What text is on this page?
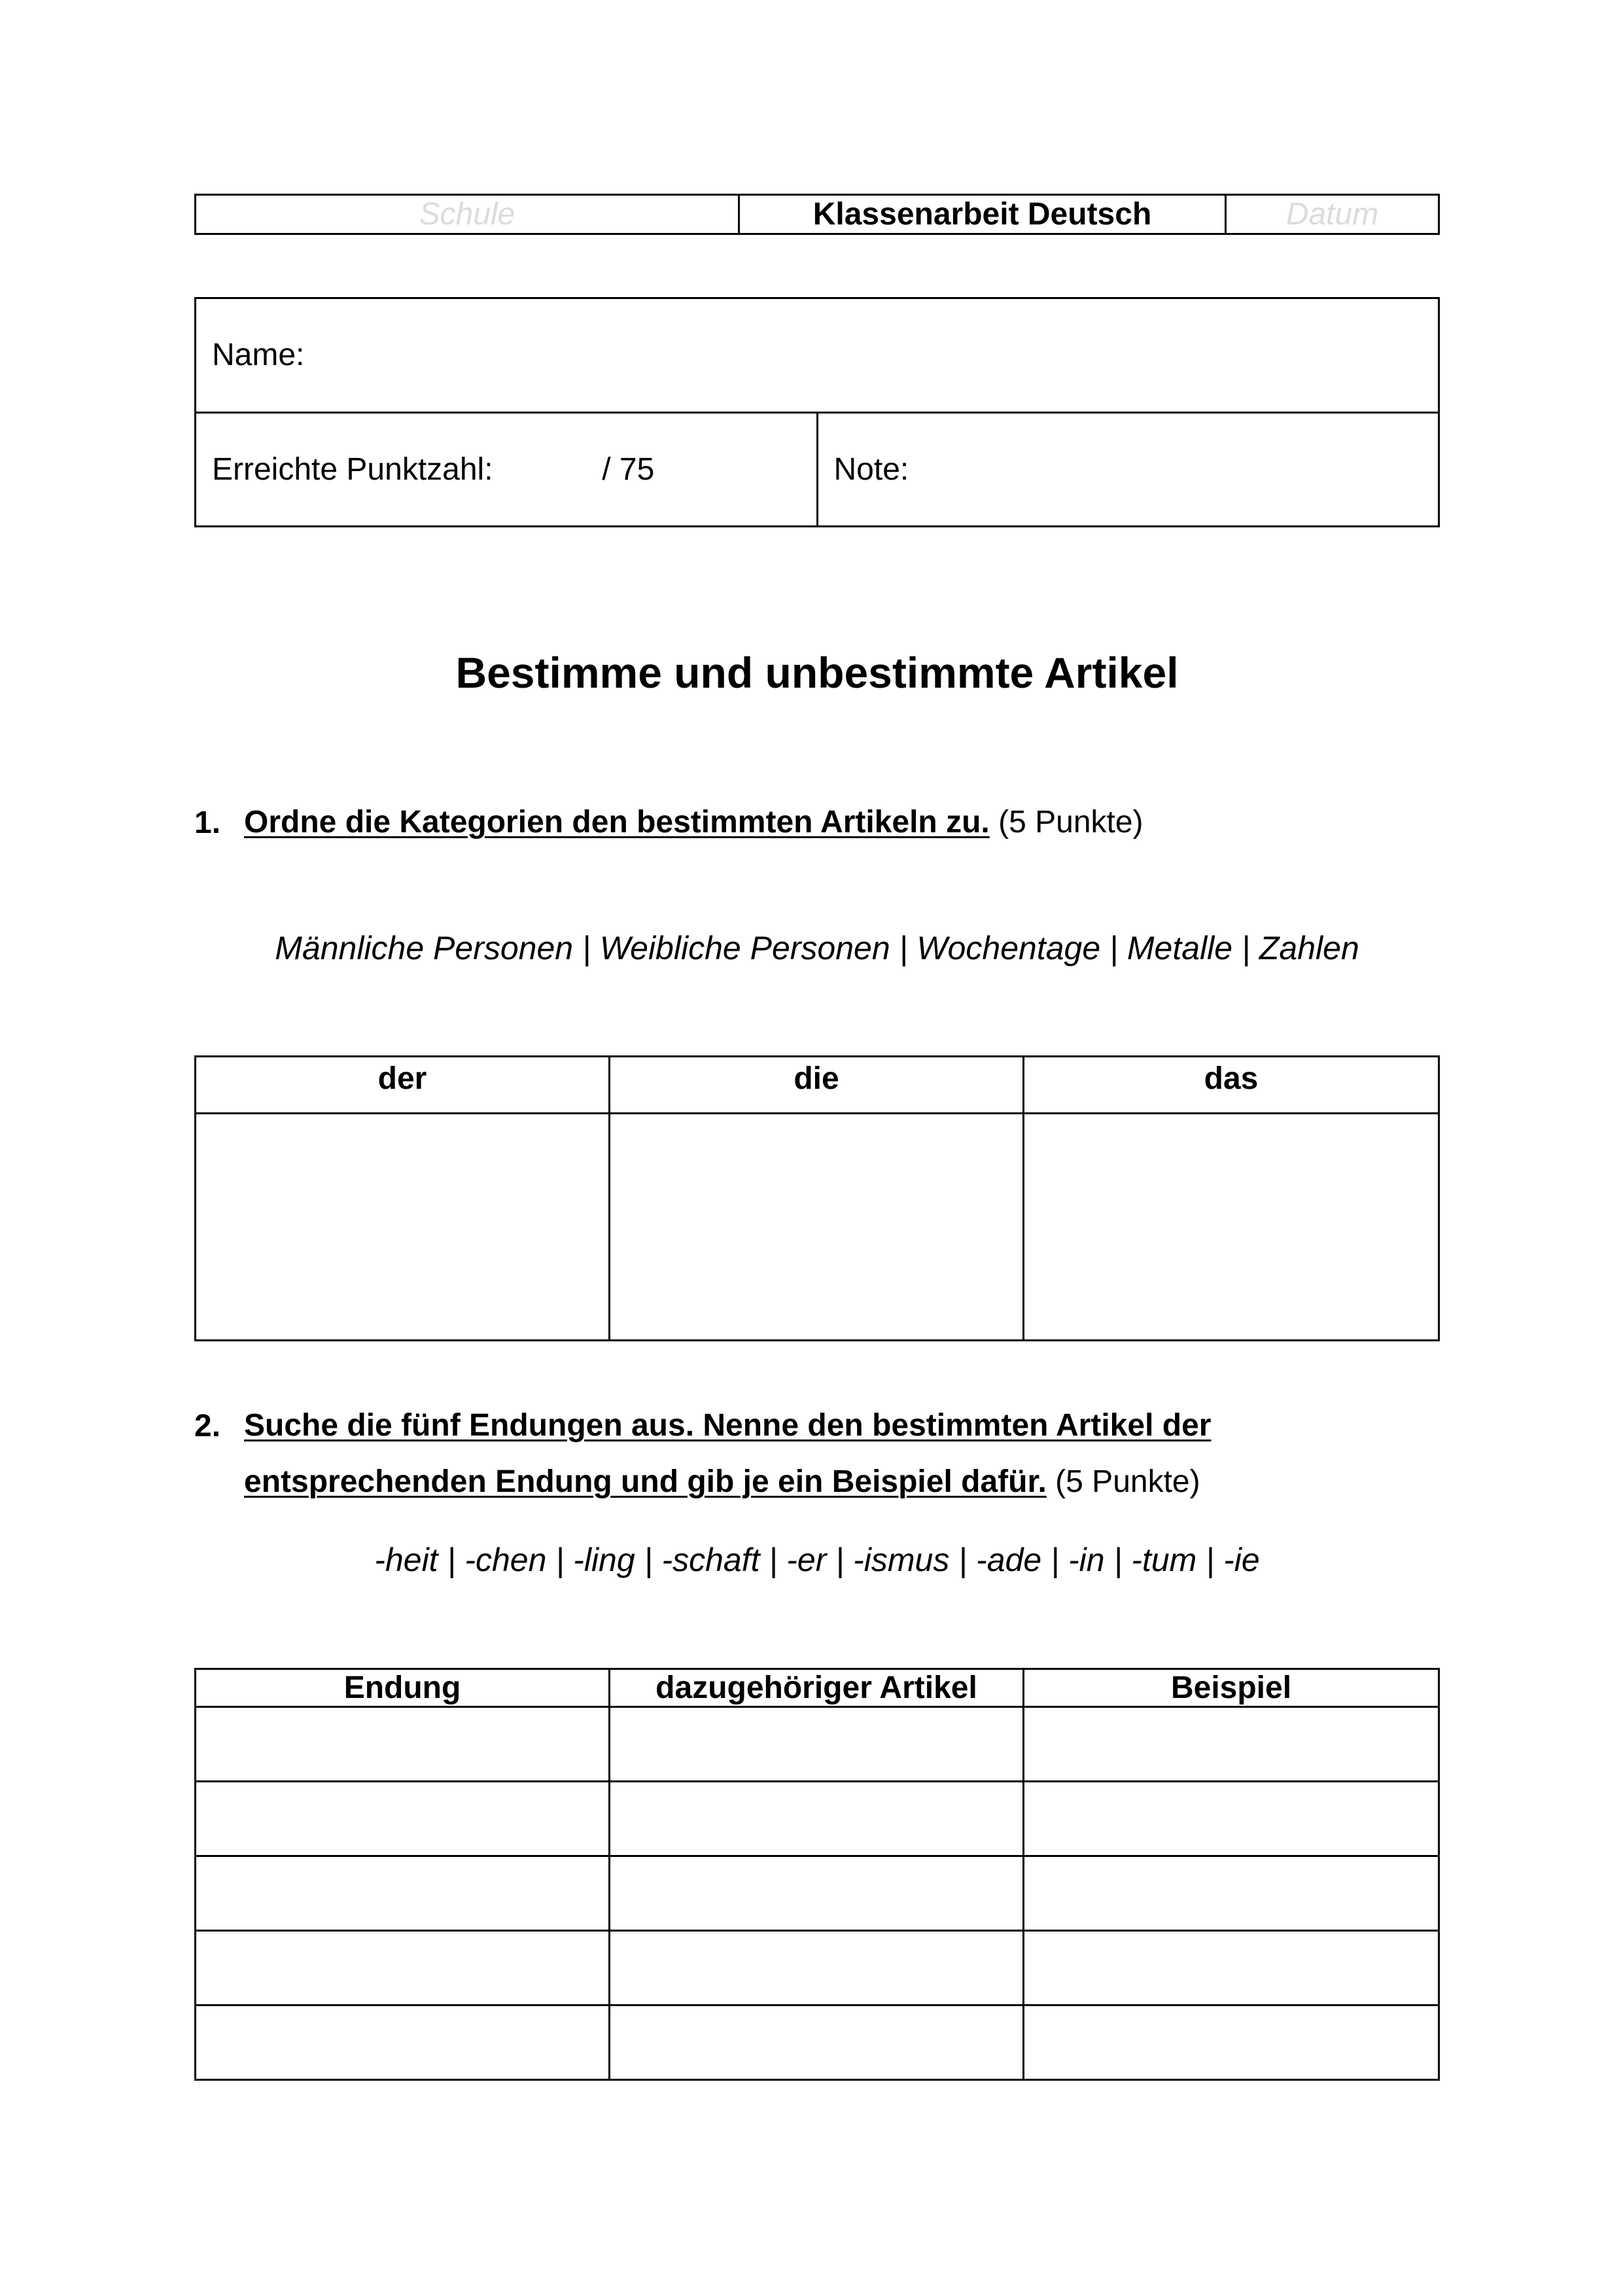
Schule	Klassenarbeit Deutsch	Datum
Name:
Erreichte Punktzahl:	/ 75	Note:
Bestimme und unbestimmte Artikel
1. Ordne die Kategorien den bestimmten Artikeln zu. (5 Punkte)
Männliche Personen | Weibliche Personen | Wochentage | Metalle | Zahlen
der	die	das

2. Suche die fünf Endungen aus. Nenne den bestimmten Artikel der
entsprechenden Endung und gib je ein Beispiel dafür. (5 Punkte)
-heit | -chen | -ling | -schaft | -er | -ismus | -ade | -in | -tum | -ie
Endung	dazugehöriger Artikel	Beispiel
